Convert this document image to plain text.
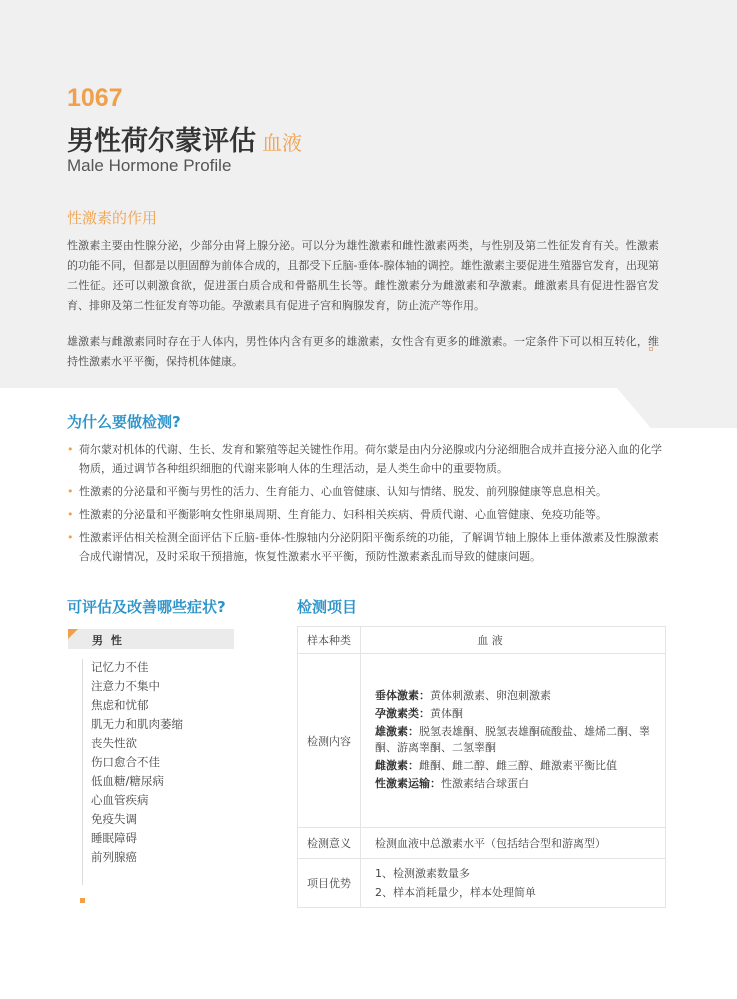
1067
男性荷尔蒙评估 血液
Male Hormone Profile
性激素的作用

性激素主要由性腺分泌，少部分由肾上腺分泌。可以分为雄性激素和雌性激素两类，与性别及第二性征发育有关。性激素的功能不同，但都是以胆固醇为前体合成的，且都受下丘脑-垂体-腺体轴的调控。雄性激素主要促进生殖器官发育，出现第二性征。还可以刺激食欲，促进蛋白质合成和骨骼肌生长等。雌性激素分为雌激素和孕激素。雌激素具有促进性器官发育、排卵及第二性征发育等功能。孕激素具有促进子宫和胸腺发育，防止流产等作用。

雄激素与雌激素同时存在于人体内，男性体内含有更多的雄激素，女性含有更多的雌激素。一定条件下可以相互转化，维持性激素水平平衡，保持机体健康。

为什么要做检测?
• 荷尔蒙对机体的代谢、生长、发育和繁殖等起关键性作用。荷尔蒙是由内分泌腺或内分泌细胞合成并直接分泌入血的化学物质，通过调节各种组织细胞的代谢来影响人体的生理活动，是人类生命中的重要物质。
• 性激素的分泌量和平衡与男性的活力、生育能力、心血管健康、认知与情绪、脱发、前列腺健康等息息相关。
• 性激素的分泌量和平衡影响女性卵巢周期、生育能力、妇科相关疾病、骨质代谢、心血管健康、免疫功能等。
• 性激素评估相关检测全面评估下丘脑-垂体-性腺轴内分泌阴阳平衡系统的功能，了解调节轴上腺体上垂体激素及性腺激素合成代谢情况，及时采取干预措施，恢复性激素水平平衡，预防性激素紊乱而导致的健康问题。
可评估及改善哪些症状?	检测项目
男 性
记忆力不佳
注意力不集中
焦虑和忧郁
肌无力和肌肉萎缩
丧失性欲
伤口愈合不佳
低血糖/糖尿病
心血管疾病
免疫失调
睡眠障碍
前列腺癌
样本种类	血 液
检测内容	垂体激素：黄体刺激素、卵泡刺激素

孕激素类：黄体酮

雄激素：脱氢表雄酮、脱氢表雄酮硫酸盐、雄烯二酮、睾酮、游离睾酮、二氢睾酮

雌激素：雌酮、雌二醇、雌三醇、雌激素平衡比值

性激素运输：性激素结合球蛋白

检测意义	检测血液中总激素水平（包括结合型和游离型）
项目优势	1、检测激素数量多

2、样本消耗量少，样本处理简单
